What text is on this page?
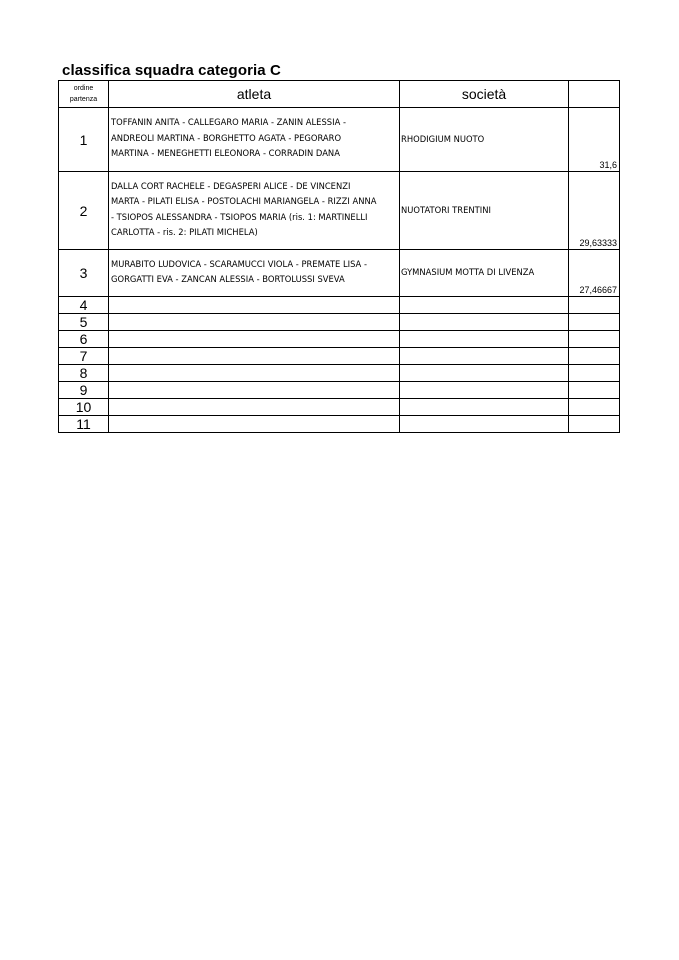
classifica squadra categoria C
ordine
partenza	atleta	società	
1	TOFFANIN ANITA - CALLEGARO MARIA - ZANIN ALESSIA - ANDREOLI MARTINA - BORGHETTO AGATA - PEGORARO MARTINA - MENEGHETTI ELEONORA - CORRADIN DANA	RHODIGIUM NUOTO	31,6
2	DALLA CORT RACHELE - DEGASPERI ALICE - DE VINCENZI MARTA - PILATI ELISA - POSTOLACHI MARIANGELA - RIZZI ANNA - TSIOPOS ALESSANDRA - TSIOPOS MARIA (ris. 1: MARTINELLI CARLOTTA - ris. 2: PILATI MICHELA)	NUOTATORI TRENTINI	29,63333
3	MURABITO LUDOVICA - SCARAMUCCI VIOLA - PREMATE LISA - GORGATTI EVA - ZANCAN ALESSIA - BORTOLUSSI SVEVA	GYMNASIUM MOTTA DI LIVENZA	27,46667
4			
5			
6			
7			
8			
9			
10			
11			
